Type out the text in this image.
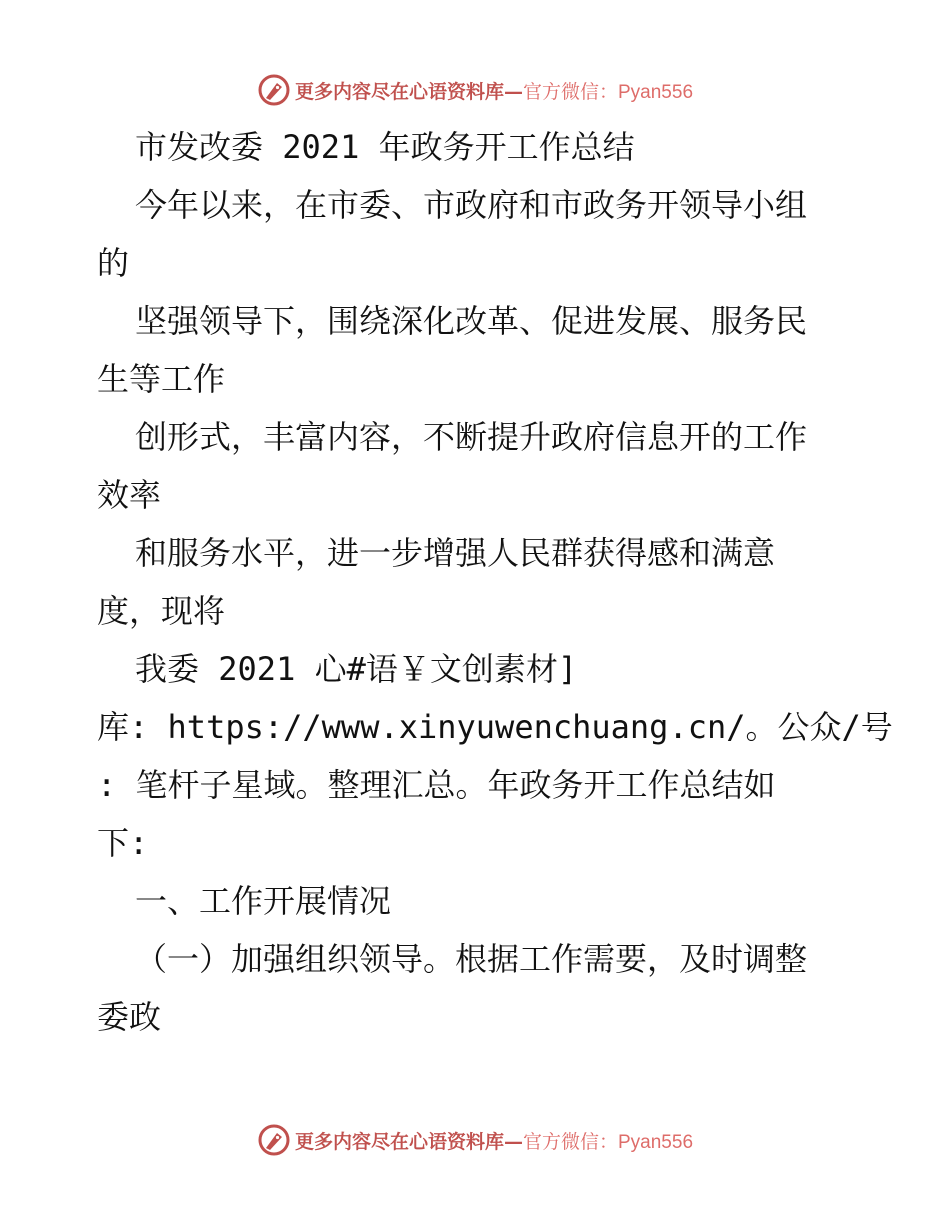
更多内容尽在心语资料库— 官方微信：Pyan556
市发改委 2021 年政务开工作总结
今年以来，在市委、市政府和市政务开领导小组
的
坚强领导下，围绕深化改革、促进发展、服务民
生等工作
创形式，丰富内容，不断提升政府信息开的工作
效率
和服务水平，进一步增强人民群获得感和满意
度，现将
我委 2021 心#语￥文创素材]
库: https://www.xinyuwenchuang.cn/。公众/号
: 笔杆子星域。整理汇总。年政务开工作总结如
下:
一、工作开展情况
（一）加强组织领导。根据工作需要，及时调整
委政
更多内容尽在心语资料库— 官方微信：Pyan556
